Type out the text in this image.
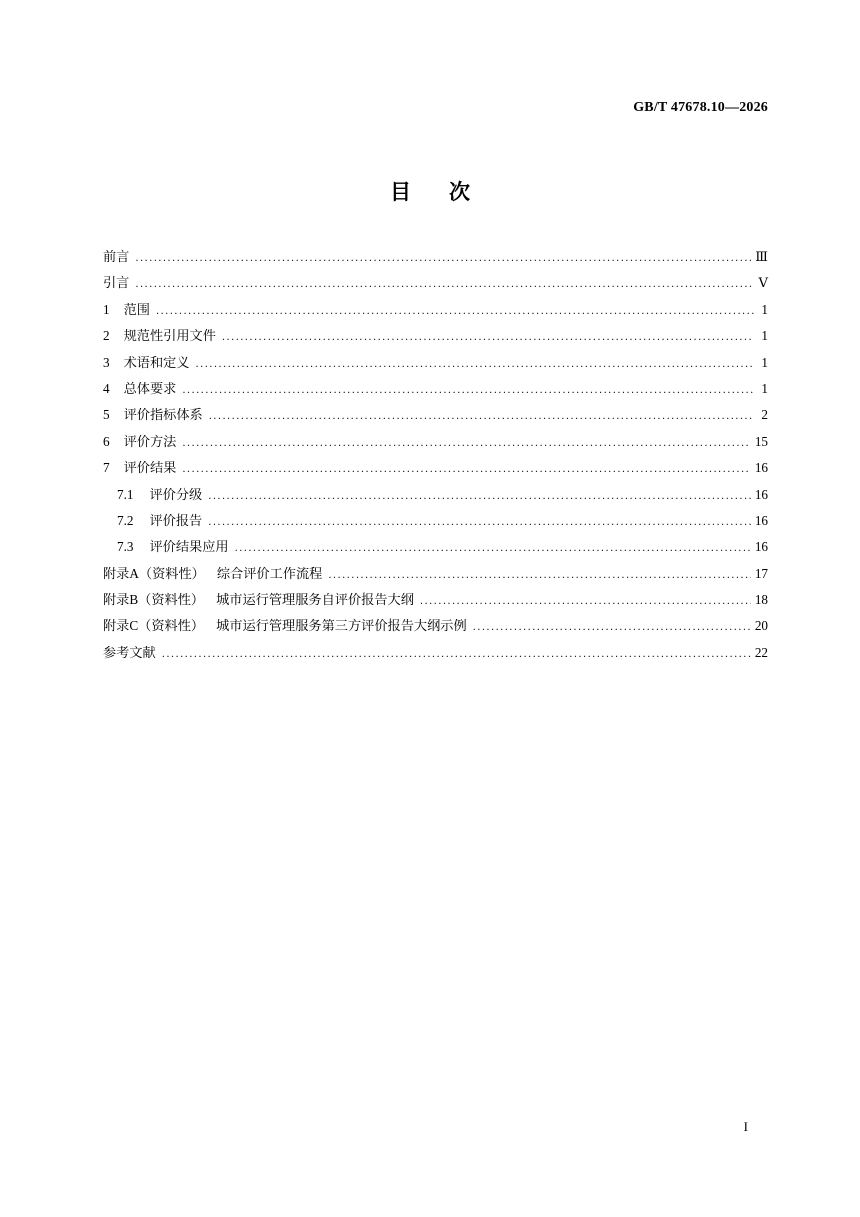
GB/T 47678.10—2026
目次
前言 .....	Ⅲ
引言 .....	Ⅴ
1 范围 .....	1
2 规范性引用文件 .....	1
3 术语和定义 .....	1
4 总体要求 .....	1
5 评价指标体系 .....	2
6 评价方法 .....	15
7 评价结果 .....	16
7.1 评价分级 .....	16
7.2 评价报告 .....	16
7.3 评价结果应用 .....	16
附录A（资料性） 综合评价工作流程 .....	17
附录B（资料性） 城市运行管理服务自评价报告大纲 .....	18
附录C（资料性） 城市运行管理服务第三方评价报告大纲示例 .....	20
参考文献 .....	22
I
